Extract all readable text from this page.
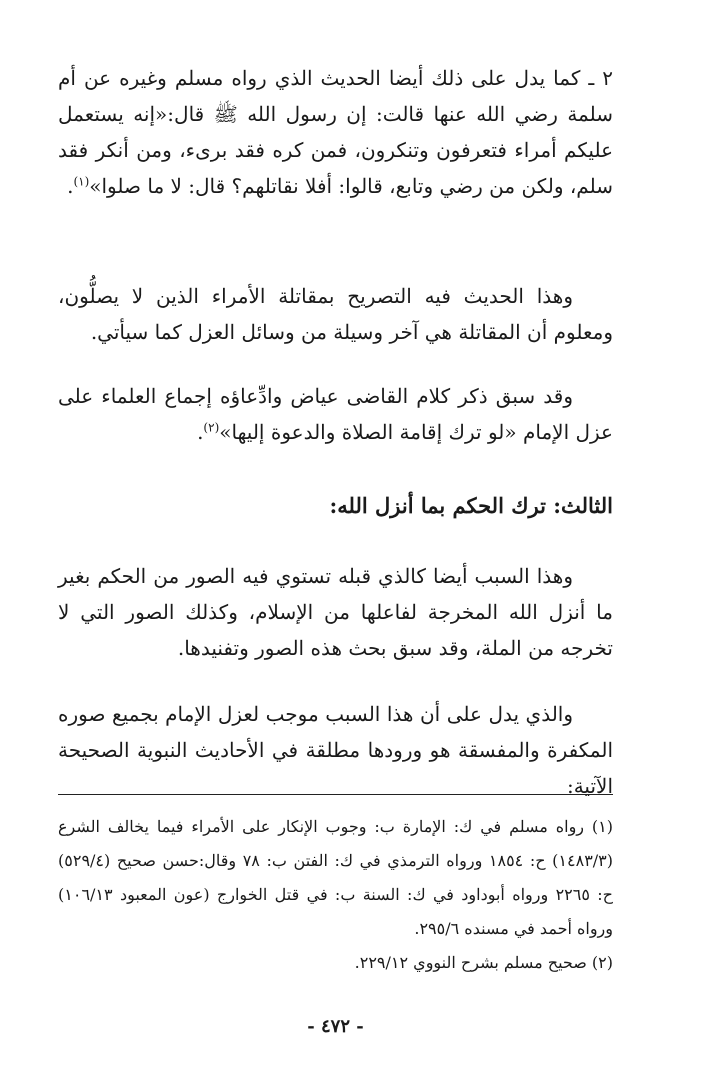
٢ ـ كما يدل على ذلك أيضا الحديث الذي رواه مسلم وغيره عن أم سلمة رضي الله عنها قالت: إن رسول الله ﷺ قال:«إنه يستعمل عليكم أمراء فتعرفون وتنكرون، فمن كره فقد برىء، ومن أنكر فقد سلم، ولكن من رضي وتابع، قالوا: أفلا نقاتلهم؟ قال: لا ما صلوا»$^{(١)}$.

وهذا الحديث فيه التصريح بمقاتلة الأمراء الذين لا يصلُّون، ومعلوم أن المقاتلة هي آخر وسيلة من وسائل العزل كما سيأتي.

وقد سبق ذكر كلام القاضى عياض وادِّعاؤه إجماع العلماء على عزل الإمام «لو ترك إقامة الصلاة والدعوة إليها»$^{(٢)}$.

الثالث: ترك الحكم بما أنزل الله:

وهذا السبب أيضا كالذي قبله تستوي فيه الصور من الحكم بغير ما أنزل الله المخرجة لفاعلها من الإسلام، وكذلك الصور التي لا تخرجه من الملة، وقد سبق بحث هذه الصور وتفنيدها.

والذي يدل على أن هذا السبب موجب لعزل الإمام بجميع صوره المكفرة والمفسقة هو ورودها مطلقة في الأحاديث النبوية الصحيحة الآتية:

(١) رواه مسلم في ك: الإمارة ب: وجوب الإنكار على الأمراء فيما يخالف الشرع (١٤٨٣/٣) ح: ١٨٥٤ ورواه الترمذي في ك: الفتن ب: ٧٨ وقال:حسن صحيح (٥٢٩/٤) ح: ٢٢٦٥ ورواه أبوداود في ك: السنة ب: في قتل الخوارج (عون المعبود ١٠٦/١٣) ورواه أحمد في مسنده ٢٩٥/٦.
(٢) صحيح مسلم بشرح النووي ٢٢٩/١٢.
- ٤٧٢ -
